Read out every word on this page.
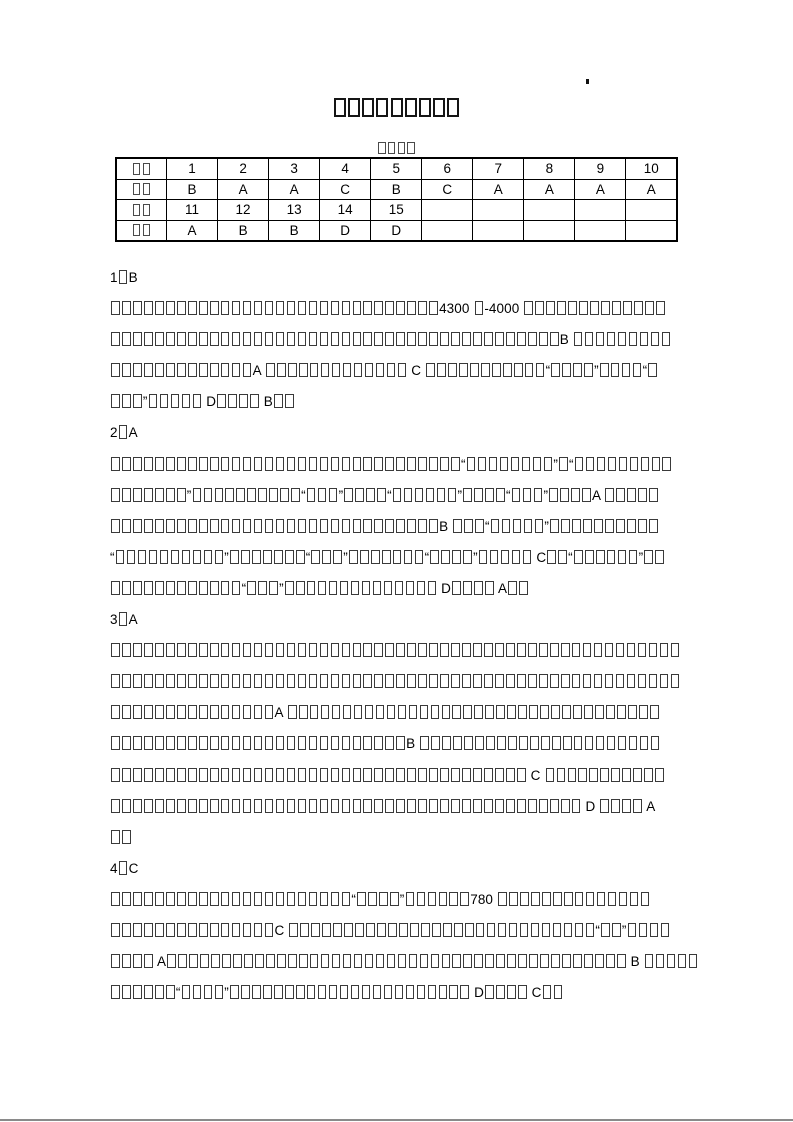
	1	2	3	4	5	6	7	8	9	10
	B	A	A	C	B	C	A	A	A	A
	11	12	13	14	15					
	A	B	B	D	D					
1 B
4300 -4000
B
A	C	“	”	“
”	D	B
2 A
“	” “
”	“ ”	“	”	“ ”	A
B “	”
“	”	“ ”	“	”	C “	”
“ ”	D	A
3 A
A
B
C
D	A
4 C
“	”	780
C	“ ”
A	B
“	”	D	C
